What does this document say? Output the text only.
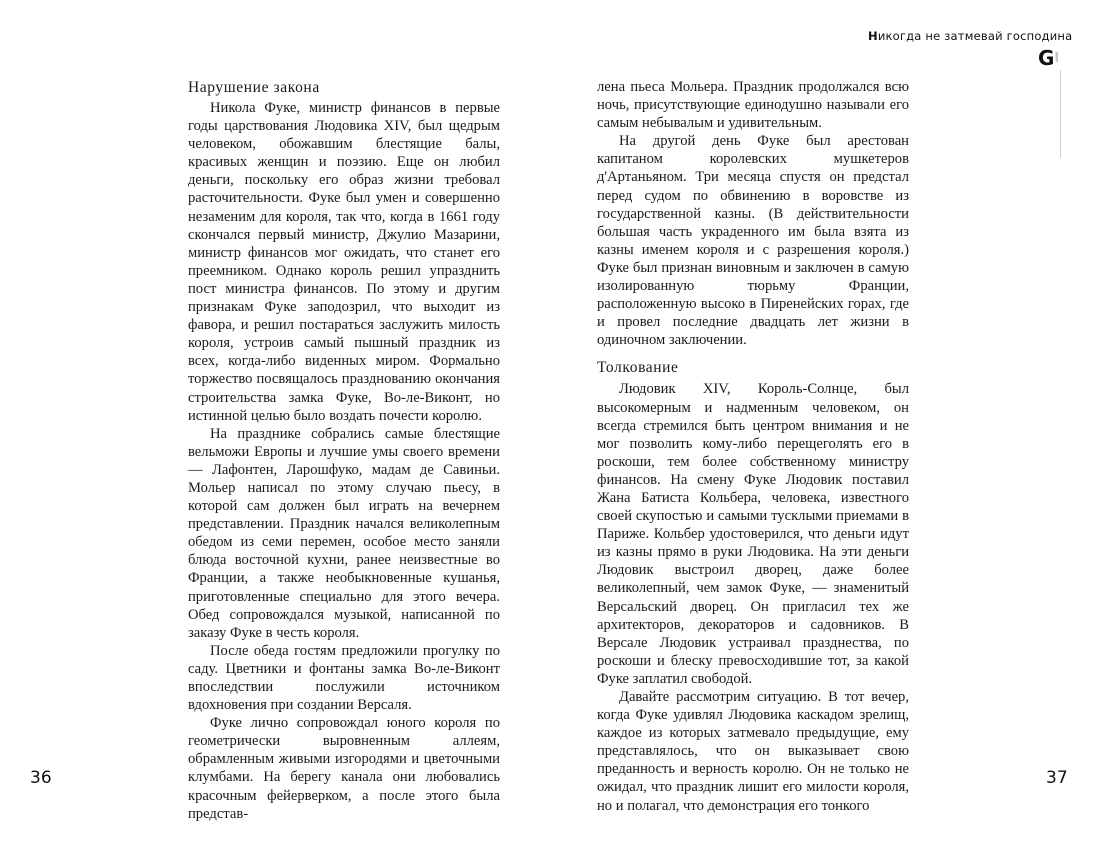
Нарушение закона

Никола Фуке, министр финансов в первые годы царствования Людовика XIV, был щедрым человеком, обожавшим блестящие балы, красивых женщин и поэзию. Еще он любил деньги, поскольку его образ жизни требовал расточительности. Фуке был умен и совершенно незаменим для короля, так что, когда в 1661 году скончался первый министр, Джулио Мазарини, министр финансов мог ожидать, что станет его преемником. Однако король решил упразднить пост министра финансов. По этому и другим признакам Фуке заподозрил, что выходит из фавора, и решил постараться заслужить милость короля, устроив самый пышный праздник из всех, когда-либо виденных миром. Формально торжество посвящалось празднованию окончания строительства замка Фуке, Во-ле-Виконт, но истинной целью было воздать почести королю.

На празднике собрались самые блестящие вельможи Европы и лучшие умы своего времени — Лафонтен, Ларошфуко, мадам де Савиньи. Мольер написал по этому случаю пьесу, в которой сам должен был играть на вечернем представлении. Праздник начался великолепным обедом из семи перемен, особое место заняли блюда восточной кухни, ранее неизвестные во Франции, а также необыкновенные кушанья, приготовленные специально для этого вечера. Обед сопровождался музыкой, написанной по заказу Фуке в честь короля.

После обеда гостям предложили прогулку по саду. Цветники и фонтаны замка Во-ле-Виконт впоследствии послужили источником вдохновения при создании Версаля.

Фуке лично сопровождал юного короля по геометрически выровненным аллеям, обрамленным живыми изгородями и цветочными клумбами. На берегу канала они любовались красочным фейерверком, а после этого была представ-

36
Никогда не затмевай господина
GI

лена пьеса Мольера. Праздник продолжался всю ночь, присутствующие единодушно называли его самым небывалым и удивительным.

На другой день Фуке был арестован капитаном королевских мушкетеров д'Артаньяном. Три месяца спустя он предстал перед судом по обвинению в воровстве из государственной казны. (В действительности большая часть украденного им была взята из казны именем короля и с разрешения короля.) Фуке был признан виновным и заключен в самую изолированную тюрьму Франции, расположенную высоко в Пиренейских горах, где и провел последние двадцать лет жизни в одиночном заключении.

Толкование

Людовик XIV, Король-Солнце, был высокомерным и надменным человеком, он всегда стремился быть центром внимания и не мог позволить кому-либо перещеголять его в роскоши, тем более собственному министру финансов. На смену Фуке Людовик поставил Жана Батиста Кольбера, человека, известного своей скупостью и самыми тусклыми приемами в Париже. Кольбер удостоверился, что деньги идут из казны прямо в руки Людовика. На эти деньги Людовик выстроил дворец, даже более великолепный, чем замок Фуке, — знаменитый Версальский дворец. Он пригласил тех же архитекторов, декораторов и садовников. В Версале Людовик устраивал празднества, по роскоши и блеску превосходившие тот, за какой Фуке заплатил свободой.

Давайте рассмотрим ситуацию. В тот вечер, когда Фуке удивлял Людовика каскадом зрелищ, каждое из которых затмевало предыдущие, ему представлялось, что он выказывает свою преданность и верность королю. Он не только не ожидал, что праздник лишит его милости короля, но и полагал, что демонстрация его тонкого

37
